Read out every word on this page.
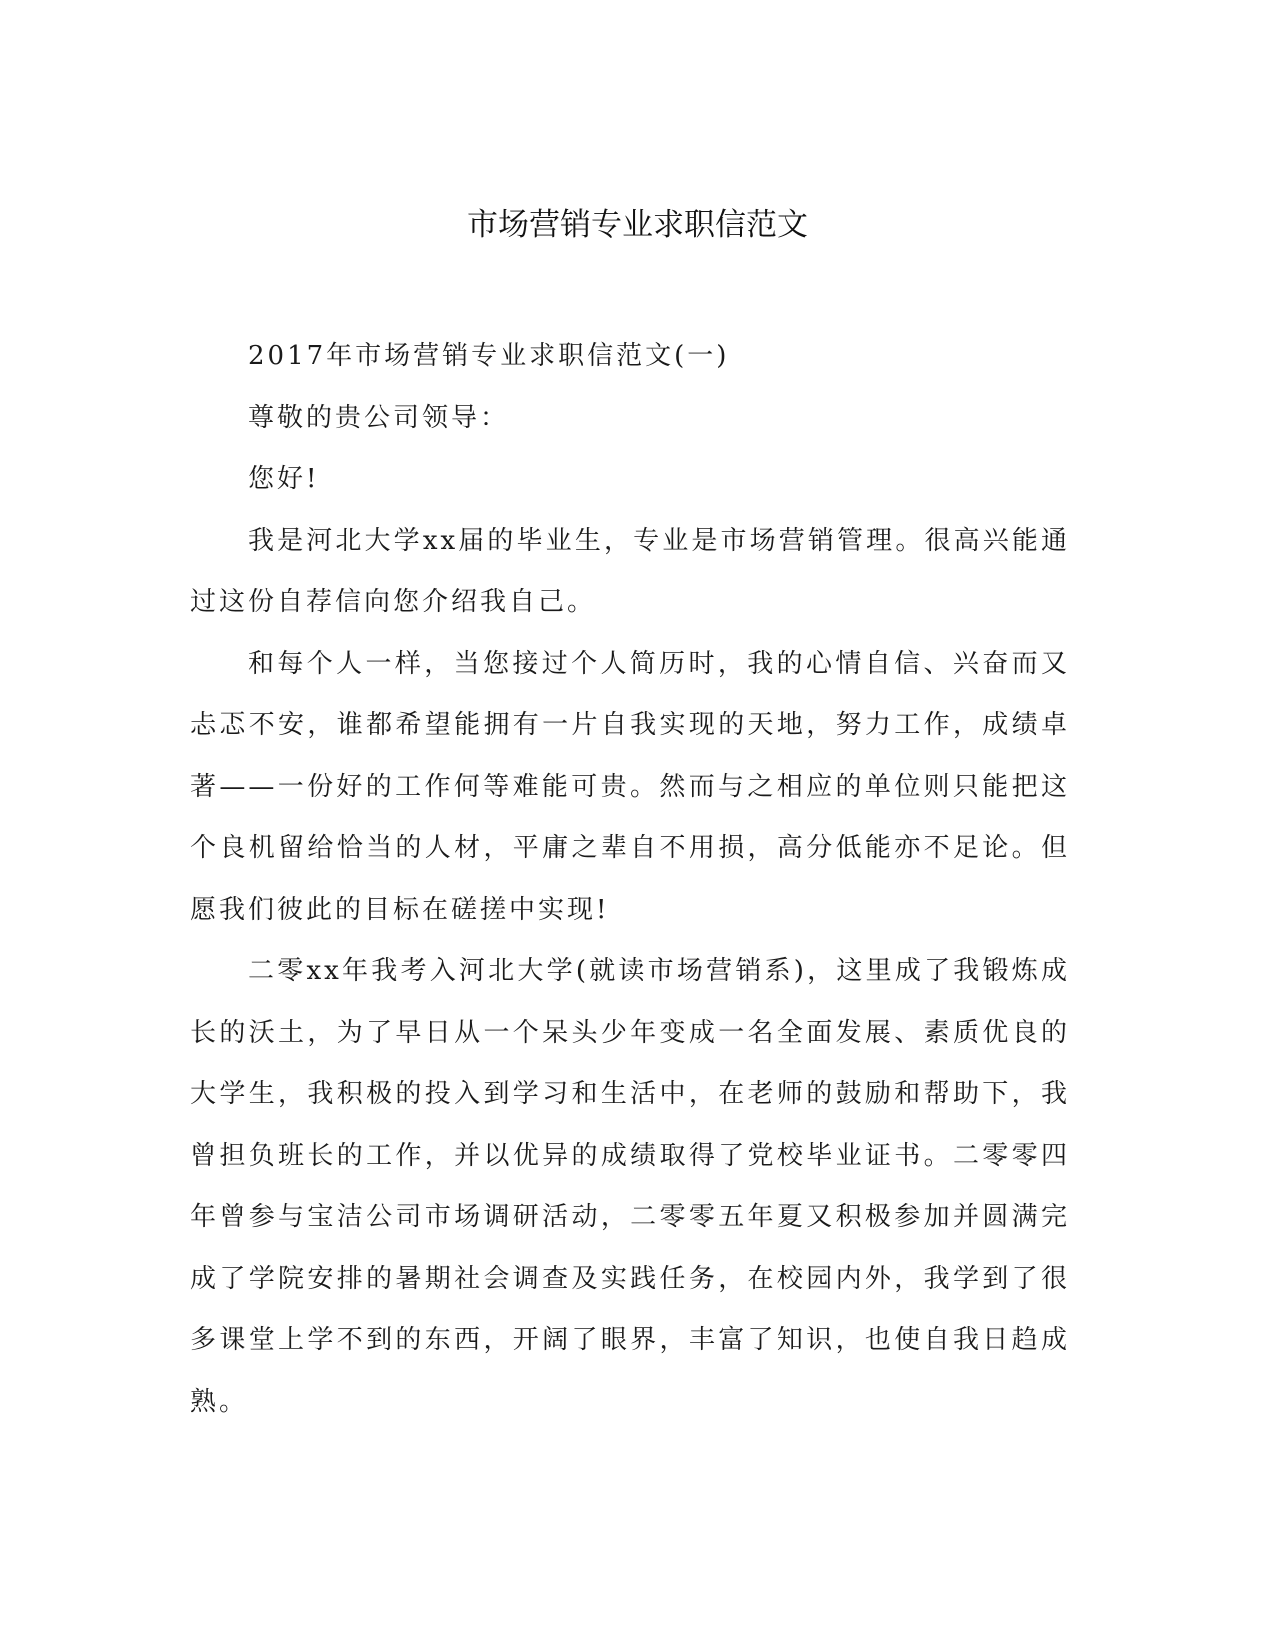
市场营销专业求职信范文

2017年市场营销专业求职信范文(一)

尊敬的贵公司领导：

您好!

我是河北大学xx届的毕业生，专业是市场营销管理。很高兴能通过这份自荐信向您介绍我自己。

和每个人一样，当您接过个人简历时，我的心情自信、兴奋而又忐忑不安，谁都希望能拥有一片自我实现的天地，努力工作，成绩卓著——一份好的工作何等难能可贵。然而与之相应的单位则只能把这个良机留给恰当的人材，平庸之辈自不用损，高分低能亦不足论。但愿我们彼此的目标在磋搓中实现!

二零xx年我考入河北大学(就读市场营销系)，这里成了我锻炼成长的沃土，为了早日从一个呆头少年变成一名全面发展、素质优良的大学生，我积极的投入到学习和生活中，在老师的鼓励和帮助下，我曾担负班长的工作，并以优异的成绩取得了党校毕业证书。二零零四年曾参与宝洁公司市场调研活动，二零零五年夏又积极参加并圆满完成了学院安排的暑期社会调查及实践任务，在校园内外，我学到了很多课堂上学不到的东西，开阔了眼界，丰富了知识，也使自我日趋成熟。
